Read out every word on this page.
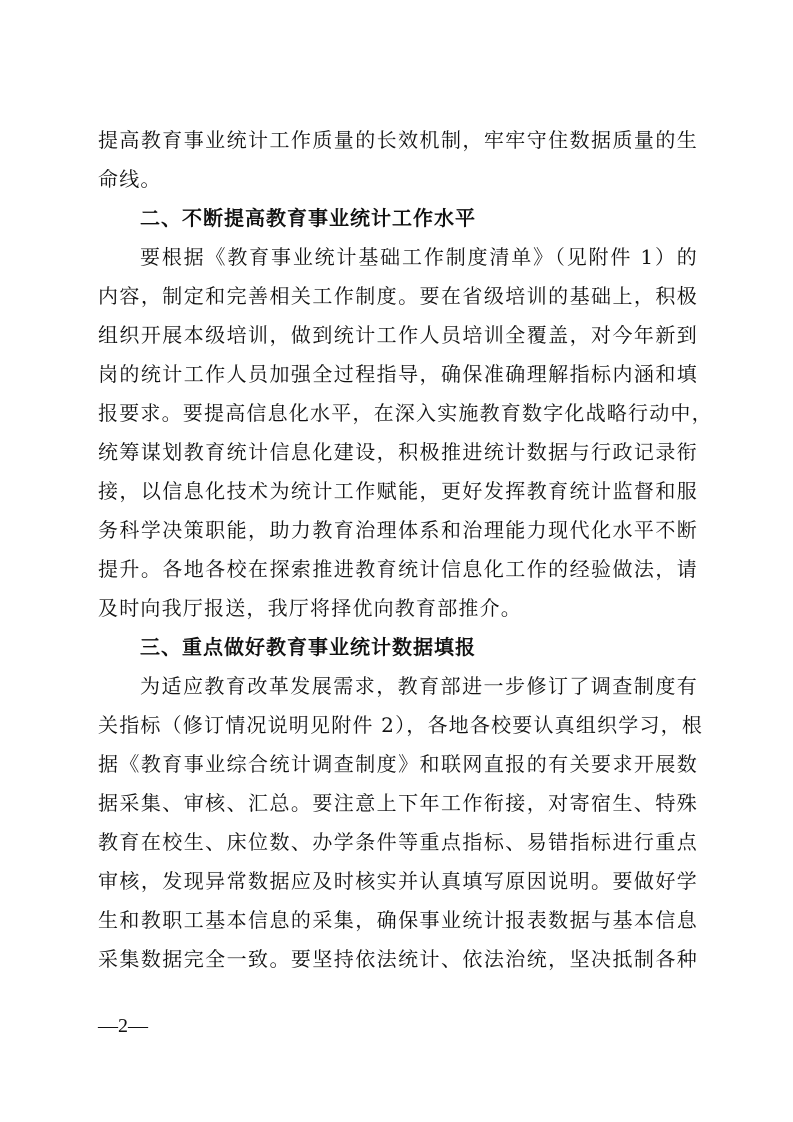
提高教育事业统计工作质量的长效机制，牢牢守住数据质量的生
命线。
二、不断提高教育事业统计工作水平
要根据《教育事业统计基础工作制度清单》（见附件 1）的
内容，制定和完善相关工作制度。要在省级培训的基础上，积极
组织开展本级培训，做到统计工作人员培训全覆盖，对今年新到
岗的统计工作人员加强全过程指导，确保准确理解指标内涵和填
报要求。要提高信息化水平，在深入实施教育数字化战略行动中，
统筹谋划教育统计信息化建设，积极推进统计数据与行政记录衔
接，以信息化技术为统计工作赋能，更好发挥教育统计监督和服
务科学决策职能，助力教育治理体系和治理能力现代化水平不断
提升。各地各校在探索推进教育统计信息化工作的经验做法，请
及时向我厅报送，我厅将择优向教育部推介。
三、重点做好教育事业统计数据填报
为适应教育改革发展需求，教育部进一步修订了调查制度有
关指标（修订情况说明见附件 2），各地各校要认真组织学习，根
据《教育事业综合统计调查制度》和联网直报的有关要求开展数
据采集、审核、汇总。要注意上下年工作衔接，对寄宿生、特殊
教育在校生、床位数、办学条件等重点指标、易错指标进行重点
审核，发现异常数据应及时核实并认真填写原因说明。要做好学
生和教职工基本信息的采集，确保事业统计报表数据与基本信息
采集数据完全一致。要坚持依法统计、依法治统，坚决抵制各种
—2—
